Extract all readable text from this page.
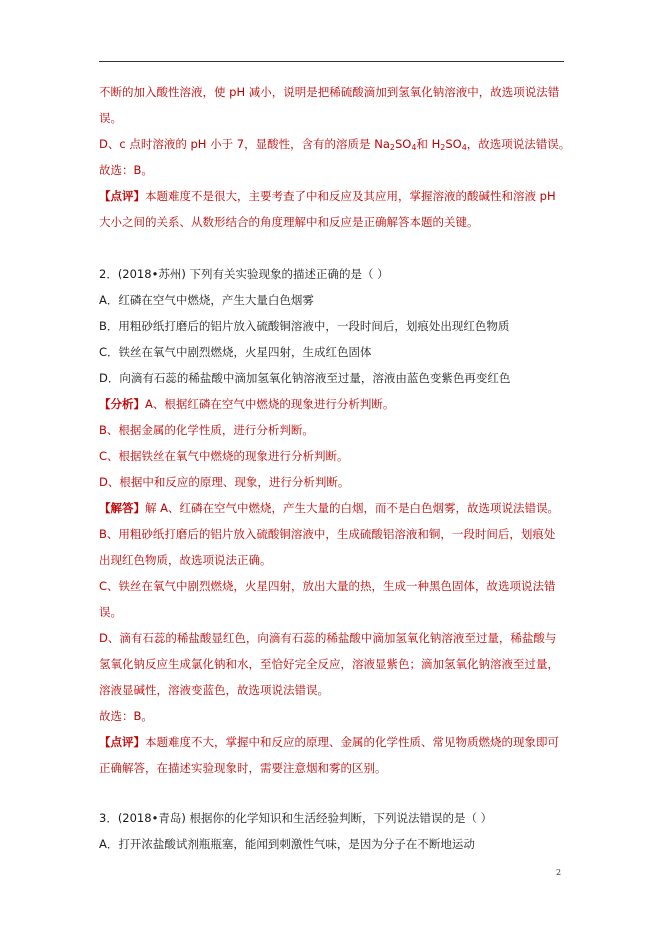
不断的加入酸性溶液，使 pH 减小，说明是把稀硫酸滴加到氢氧化钠溶液中，故选项说法错
误。
D、c 点时溶液的 pH 小于 7，显酸性，含有的溶质是 $Na_2SO_4$和 $H_2SO_4$，故选项说法错误。
故选：B。
【点评】本题难度不是很大，主要考查了中和反应及其应用，掌握溶液的酸碱性和溶液 pH
大小之间的关系、从数形结合的角度理解中和反应是正确解答本题的关键。
2．(2018•苏州) 下列有关实验现象的描述正确的是（ ）
A．红磷在空气中燃烧，产生大量白色烟雾
B．用粗砂纸打磨后的铝片放入硫酸铜溶液中，一段时间后，划痕处出现红色物质
C．铁丝在氧气中剧烈燃烧，火星四射，生成红色固体
D．向滴有石蕊的稀盐酸中滴加氢氧化钠溶液至过量，溶液由蓝色变紫色再变红色
【分析】A、根据红磷在空气中燃烧的现象进行分析判断。
B、根据金属的化学性质，进行分析判断。
C、根据铁丝在氧气中燃烧的现象进行分析判断。
D、根据中和反应的原理、现象，进行分析判断。
【解答】解 A、红磷在空气中燃烧，产生大量的白烟，而不是白色烟雾，故选项说法错误。
B、用粗砂纸打磨后的铝片放入硫酸铜溶液中，生成硫酸铝溶液和铜，一段时间后，划痕处
出现红色物质，故选项说法正确。
C、铁丝在氧气中剧烈燃烧，火星四射，放出大量的热，生成一种黑色固体，故选项说法错
误。
D、滴有石蕊的稀盐酸显红色，向滴有石蕊的稀盐酸中滴加氢氧化钠溶液至过量，稀盐酸与
氢氧化钠反应生成氯化钠和水，至恰好完全反应，溶液显紫色；滴加氢氧化钠溶液至过量，
溶液显碱性，溶液变蓝色，故选项说法错误。
故选：B。
【点评】本题难度不大，掌握中和反应的原理、金属的化学性质、常见物质燃烧的现象即可
正确解答，在描述实验现象时，需要注意烟和雾的区别。
3．(2018•青岛) 根据你的化学知识和生活经验判断，下列说法错误的是（ ）
A．打开浓盐酸试剂瓶瓶塞，能闻到刺激性气味，是因为分子在不断地运动
2
